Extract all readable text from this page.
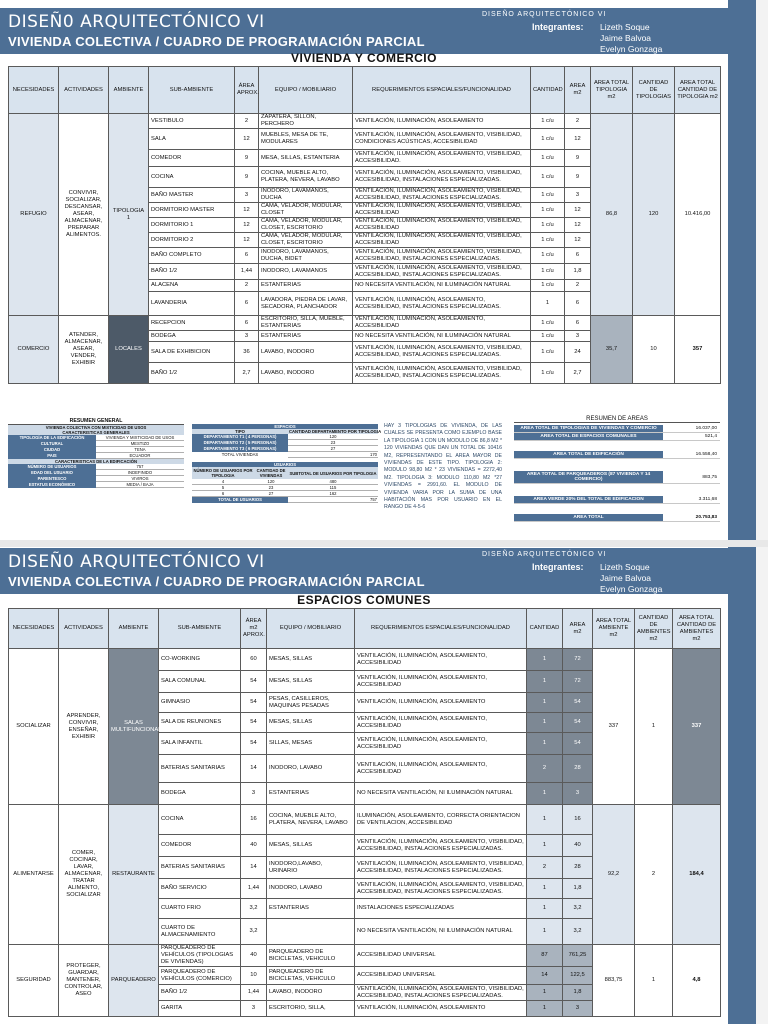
DISEÑ0 ARQUITECTÓNICO VI
VIVIENDA COLECTIVA / CUADRO DE PROGRAMACIÓN PARCIAL
DISEÑO ARQUITECTÓNICO VI
Integrantes: Lizeth Soque
Jaime Balvoa
Evelyn Gonzaga
VIVIENDA Y COMERCIO
NECESIDADES	ACTIVIDADES	AMBIENTE	SUB-AMBIENTE	ÁREA APROX.	EQUIPO / MOBILIARIO	REQUERIMIENTOS ESPACIALES/FUNCIONALIDAD	CANTIDAD	AREA m2	AREA TOTAL TIPOLOGIA m2	CANTIDAD DE TIPOLOGIAS	AREA TOTAL CANTIDAD DE TIPOLOGIA m2
REFUGIO	CONVIVIR, SOCIALIZAR, DESCANSAR, ASEAR, ALMACENAR, PREPARAR ALIMENTOS.	TIPOLOGIA 1	VESTIBULO	2	ZAPATERA, SILLON, PERCHERO	VENTILACIÓN, ILUMINACIÓN, ASOLEAMIENTO	1 c/u	2	86,8	120	10.416,00
			SALA	12	MUEBLES, MESA DE TE, MODULARES	VENTILACIÓN, ILUMINACIÓN, ASOLEAMIENTO, VISIBILIDAD, CONDICIONES ACÚSTICAS, ACCESIBILIDAD	1 c/u	12			
			COMEDOR	9	MESA, SILLAS, ESTANTERIA	VENTILACIÓN, ILUMINACIÓN, ASOLEAMIENTO, VISIBILIDAD, ACCESIBILIDAD.	1 c/u	9			
			COCINA	9	COCINA, MUEBLE ALTO, PLATERA, NEVERA, LAVABO	VENTILACIÓN, ILUMINACIÓN, ASOLEAMIENTO, VISIBILIDAD, ACCESIBILIDAD, INSTALACIONES ESPECIALIZADAS.	1 c/u	9			
			BAÑO MASTER	3	INODORO, LAVAMANOS, DUCHA	VENTILACIÓN, ILUMINACIÓN, ASOLEAMIENTO, VISIBILIDAD, ACCESIBILIDAD, INSTALACIONES ESPECIALIZADAS.	1 c/u	3			
			DORMITORIO MASTER	12	CAMA, VELADOR, MODULAR, CLOSET	VENTILACIÓN, ILUMINACIÓN, ASOLEAMIENTO, VISIBILIDAD, ACCESIBILIDAD	1 c/u	12			
			DORMITORIO 1	12	CAMA, VELADOR, MODULAR, CLOSET, ESCRITORIO	VENTILACIÓN, ILUMINACIÓN, ASOLEAMIENTO, VISIBILIDAD, ACCESIBILIDAD	1 c/u	12			
			DORMITORIO 2	12	CAMA, VELADOR, MODULAR, CLOSET, ESCRITORIO	VENTILACIÓN, ILUMINACIÓN, ASOLEAMIENTO, VISIBILIDAD, ACCESIBILIDAD	1 c/u	12			
			BAÑO COMPLETO	6	INODORO, LAVAMANOS, DUCHA, BIDET	VENTILACIÓN, ILUMINACIÓN, ASOLEAMIENTO, VISIBILIDAD, ACCESIBILIDAD, INSTALACIONES ESPECIALIZADAS.	1 c/u	6			
			BAÑO 1/2	1,44	INODORO, LAVAMANOS	VENTILACIÓN, ILUMINACIÓN, ASOLEAMIENTO, VISIBILIDAD, ACCESIBILIDAD, INSTALACIONES ESPECIALIZADAS.	1 c/u	1,8			
			ALACENA	2	ESTANTERIAS	NO NECESITA VENTILACIÓN, NI ILUMINACIÓN NATURAL	1 c/u	2			
			LAVANDERIA	6	LAVADORA, PIEDRA DE LAVAR, SECADORA, PLANCHADOR	VENTILACIÓN, ILUMINACIÓN, ASOLEAMIENTO, ACCESIBILIDAD, INSTALACIONES ESPECIALIZADAS.	1	6			
COMERCIO	ATENDER, ALMACENAR, ASEAR, VENDER, EXHIBIR	LOCALES	RECEPCION	6	ESCRITORIO, SILLA, MUEBLE, ESTANTERIAS	VENTILACIÓN, ILUMINACIÓN, ASOLEAMIENTO, ACCESIBILIDAD	1 c/u	6	35,7	10	357
			BODEGA	3	ESTANTERIAS	NO NECESITA VENTILACIÓN, NI ILUMINACIÓN NATURAL	1 c/u	3			
			SALA DE EXHIBICION	36	LAVABO, INODORO	VENTILACIÓN, ILUMINACIÓN, ASOLEAMIENTO, VISIBILIDAD, ACCESIBILIDAD, INSTALACIONES ESPECIALIZADAS.	1 c/u	24			
			BAÑO 1/2	2,7	LAVABO, INODORO	VENTILACIÓN, ILUMINACIÓN, ASOLEAMIENTO, VISIBILIDAD, ACCESIBILIDAD, INSTALACIONES ESPECIALIZADAS.	1 c/u	2,7			
RESUMEN GENERAL	
VIVIENDA COLECTIVA CON MIXTICIDAD DE USOS	
CARACTERISTICAS GENERALES	
TIPOLOGÍA DE LA EDIFICACIÓN	VIVIENDA Y MIXTICIDAD DE USOS
CULTURAL	MESTIZO
CIUDAD	TENA
PAIS	ECUADOR
CARACTERISTICAS DE LA EDIFICACIÓN	
NÚMERO DE USUARIOS	757
EDAD DEL USUARIO	INDEFINIDO
PARENTESCO	VIVIROS
ESTATUS ECONÓMICO	MEDIA / BAJA
ESPACIOS		
TIPO		CANTIDAD DEPARTAMENTO POR TIPOLOGIA
DEPARTAMENTO T1 ( 4 PERSONAS)		120
DEPARTAMENTO T2 ( 5 PERSONAS)		23
DEPARTAMENTO T3 ( 6 PERSONAS)		27
TOTAL VIVIENDAS		170

USUARIOS		
NÚMERO DE USUARIOS POR TIPOLOGIA	CANTIDAD DE VIVIENDAS	SUBTOTAL DE USUARIOS POR TIPOLOGIA
4	120	480
5	23	115
6	27	162
TOTAL DE USUARIOS		757
HAY 3 TIPOLOGIAS DE VIVIENDA, DE LAS CUALES SE PRESENTA COMO EJEMPLO BASE LA TIPOLOGIA 1 CON UN MODULO DE 86,8 M2 * 120 VIVIENDAS QUE DAN UN TOTAL DE 10416 M2, REPRESENTANDO EL AREA MAYOR DE VIVIENDAS DE ESTE TIPO. TIPOLOGIA 2: MODULO 98,80 M2 * 23 VIVIENDAS = 2272,40 M2. TIPOLOGIA 3: MODULO 110,80 M2 *27 VIVIENDAS = 2991,60. EL MODULO DE VIVIENDA VARIA POR LA SUMA DE UNA HABITACIÓN MAS POR USUARIO EN EL RANGO DE 4-5-6
RESUMEN DE AREAS
AREA TOTAL DE TIPOLOGIAS DE VIVIENDAS Y COMERCIO	16.037,00
AREA TOTAL DE ESPACIOS COMUNALES	521,4
AREA TOTAL DE EDIFICACIÓN	16.558,40
AREA TOTAL DE PARQUEADEROS (87 VIVIENDA Y 14 COMERCIO)	883,75
AREA VERDE 20% DEL TOTAL DE EDIFICACION	3.311,68
AREA TOTAL	20.753,83
DISEÑ0 ARQUITECTÓNICO VI
VIVIENDA COLECTIVA / CUADRO DE PROGRAMACIÓN PARCIAL
DISEÑO ARQUITECTÓNICO VI
Integrantes: Lizeth Soque
Jaime Balvoa
Evelyn Gonzaga
ESPACIOS COMUNES
NECESIDADES	ACTIVIDADES	AMBIENTE	SUB-AMBIENTE	ÁREA m2 APROX.	EQUIPO / MOBILIARIO	REQUERIMIENTOS ESPACIALES/FUNCIONALIDAD	CANTIDAD	AREA m2	AREA TOTAL AMBIENTE m2	CANTIDAD DE AMBIENTES m2	AREA TOTAL CANTIDAD DE AMBIENTES m2
SOCIALIZAR	APRENDER, CONVIVIR, ENSEÑAR, EXHIBIR	SALAS MULTIFUNCIONALES	CO-WORKING	60	MESAS, SILLAS	VENTILACIÓN, ILUMINACIÓN, ASOLEAMIENTO, ACCESIBILIDAD	1	72	337	1	337
			SALA COMUNAL	54	MESAS, SILLAS	VENTILACIÓN, ILUMINACIÓN, ASOLEAMIENTO, ACCESIBILIDAD	1	72			
			GIMNASIO	54	PESAS, CASILLEROS, MAQUINAS PESADAS	VENTILACIÓN, ILUMINACIÓN, ASOLEAMIENTO	1	54			
			SALA DE REUNIONES	54	MESAS, SILLAS	VENTILACIÓN, ILUMINACIÓN, ASOLEAMIENTO, ACCESIBILIDAD	1	54			
			SALA INFANTIL	54	SILLAS, MESAS	VENTILACIÓN, ILUMINACIÓN, ASOLEAMIENTO, ACCESIBILIDAD	1	54			
			BATERIAS SANITARIAS	14	INODORO, LAVABO	VENTILACIÓN, ILUMINACIÓN, ASOLEAMIENTO, ACCESIBILIDAD	2	28			
			BODEGA	3	ESTANTERIAS	NO NECESITA VENTILACIÓN, NI ILUMINACIÓN NATURAL	1	3			
ALIMENTARSE	COMER, COCINAR, LAVAR, ALMACENAR, TRATAR ALIMENTO, SOCIALIZAR	RESTAURANTE	COCINA	16	COCINA, MUEBLE ALTO, PLATERA, NEVERA, LAVABO	ILUMINACIÓN, ASOLEAMIENTO, CORRECTA ORIENTACION DE VENTILACION, ACCESIBILIDAD	1	16	92,2	2	184,4
			COMEDOR	40	MESAS, SILLAS	VENTILACIÓN, ILUMINACIÓN, ASOLEAMIENTO, VISIBILIDAD, ACCESIBILIDAD, INSTALACIONES ESPECIALIZADAS.	1	40			
			BATERIAS SANITARIAS	14	INODORO,LAVABO, URINARIO	VENTILACIÓN, ILUMINACIÓN, ASOLEAMIENTO, VISIBILIDAD, ACCESIBILIDAD, INSTALACIONES ESPECIALIZADAS.	2	28			
			BAÑO SERVICIO	1,44	INODORO, LAVABO	VENTILACIÓN, ILUMINACIÓN, ASOLEAMIENTO, VISIBILIDAD, ACCESIBILIDAD, INSTALACIONES ESPECIALIZADAS.	1	1,8			
			CUARTO FRIO	3,2	ESTANTERIAS	INSTALACIONES ESPECIALIZADAS	1	3,2			
			CUARTO DE ALMACENAMIENTO	3,2		NO NECESITA VENTILACIÓN, NI ILUMINACIÓN NATURAL	1	3,2			
SEGURIDAD	PROTEGER, GUARDAR, MANTENER, CONTROLAR, ASEO	PARQUEADERO	PARQUEADERO DE VEHÍCULOS (TIPOLOGIAS DE VIVIENDAS)	40	PARQUEADERO DE BICICLETAS, VEHICULO	ACCESIBILIDAD UNIVERSAL	87	761,25	883,75	1	4,8
			PARQUEADERO DE VEHÍCULOS (COMERCIO)	10	PARQUEADERO DE BICICLETAS, VEHICULO	ACCESIBILIDAD UNIVERSAL	14	122,5			
			BAÑO 1/2	1,44	LAVABO, INODORO	VENTILACIÓN, ILUMINACIÓN, ASOLEAMIENTO, VISIBILIDAD, ACCESIBILIDAD, INSTALACIONES ESPECIALIZADAS.	1	1,8			
			GARITA	3	ESCRITORIO, SILLA,	VENTILACIÓN, ILUMINACIÓN, ASOLEAMIENTO	1	3			
